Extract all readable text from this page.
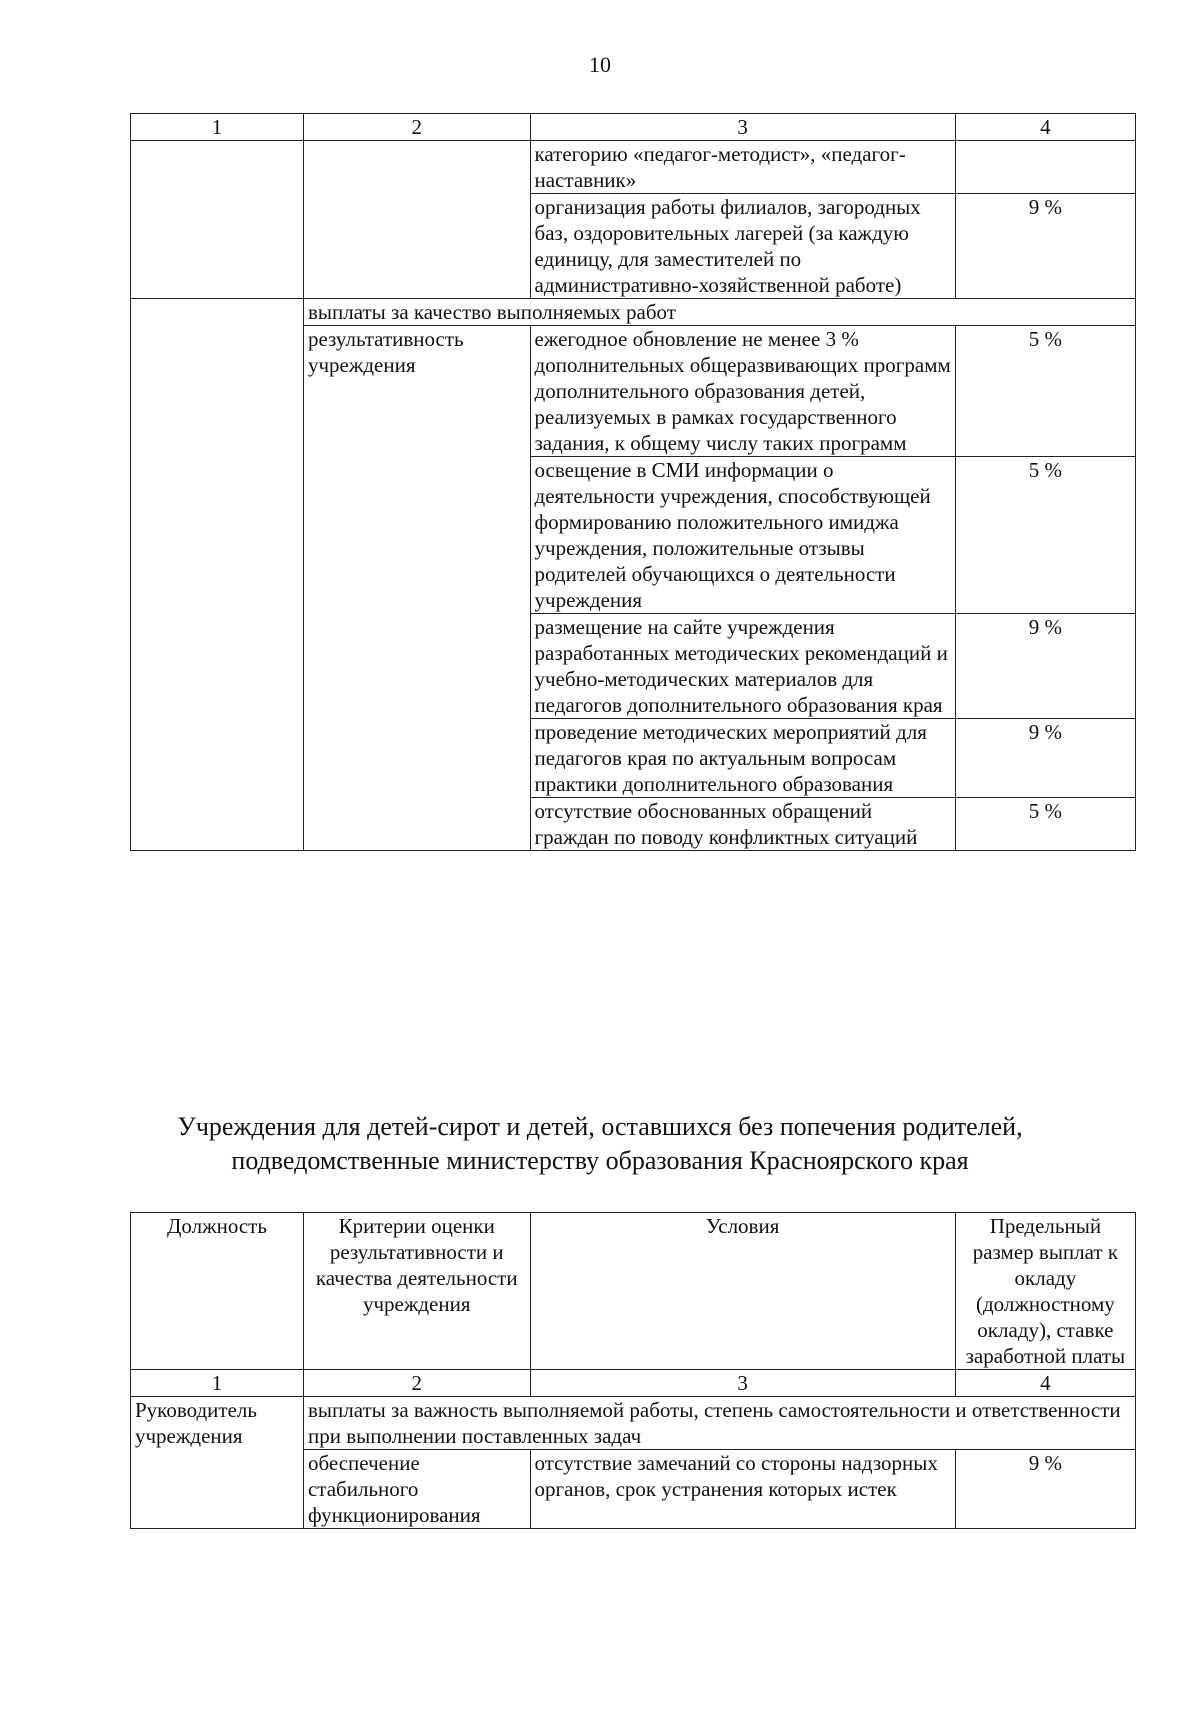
10
1	2	3	4
		категорию «педагог-методист», «педагог-наставник»	
		организация работы филиалов, загородных баз, оздоровительных лагерей (за каждую единицу, для заместителей по административно-хозяйственной работе)	9 %
	выплаты за качество выполняемых работ		
	результативность учреждения	ежегодное обновление не менее 3 % дополнительных общеразвивающих программ дополнительного образования детей, реализуемых в рамках государственного задания, к общему числу таких программ	5 %
		освещение в СМИ информации о деятельности учреждения, способствующей формированию положительного имиджа учреждения, положительные отзывы родителей обучающихся о деятельности учреждения	5 %
		размещение на сайте учреждения разработанных методических рекомендаций и учебно-методических материалов для педагогов дополнительного образования края	9 %
		проведение методических мероприятий для педагогов края по актуальным вопросам практики дополнительного образования	9 %
		отсутствие обоснованных обращений граждан по поводу конфликтных ситуаций	5 %
Учреждения для детей-сирот и детей, оставшихся без попечения родителей,
подведомственные министерству образования Красноярского края
Должность	Критерии оценки результативности и качества деятельности учреждения	Условия	Предельный размер выплат к окладу (должностному окладу), ставке заработной платы
1	2	3	4
Руководитель учреждения	выплаты за важность выполняемой работы, степень самостоятельности и ответственности при выполнении поставленных задач		
	обеспечение стабильного функционирования	отсутствие замечаний со стороны надзорных органов, срок устранения которых истек	9 %
